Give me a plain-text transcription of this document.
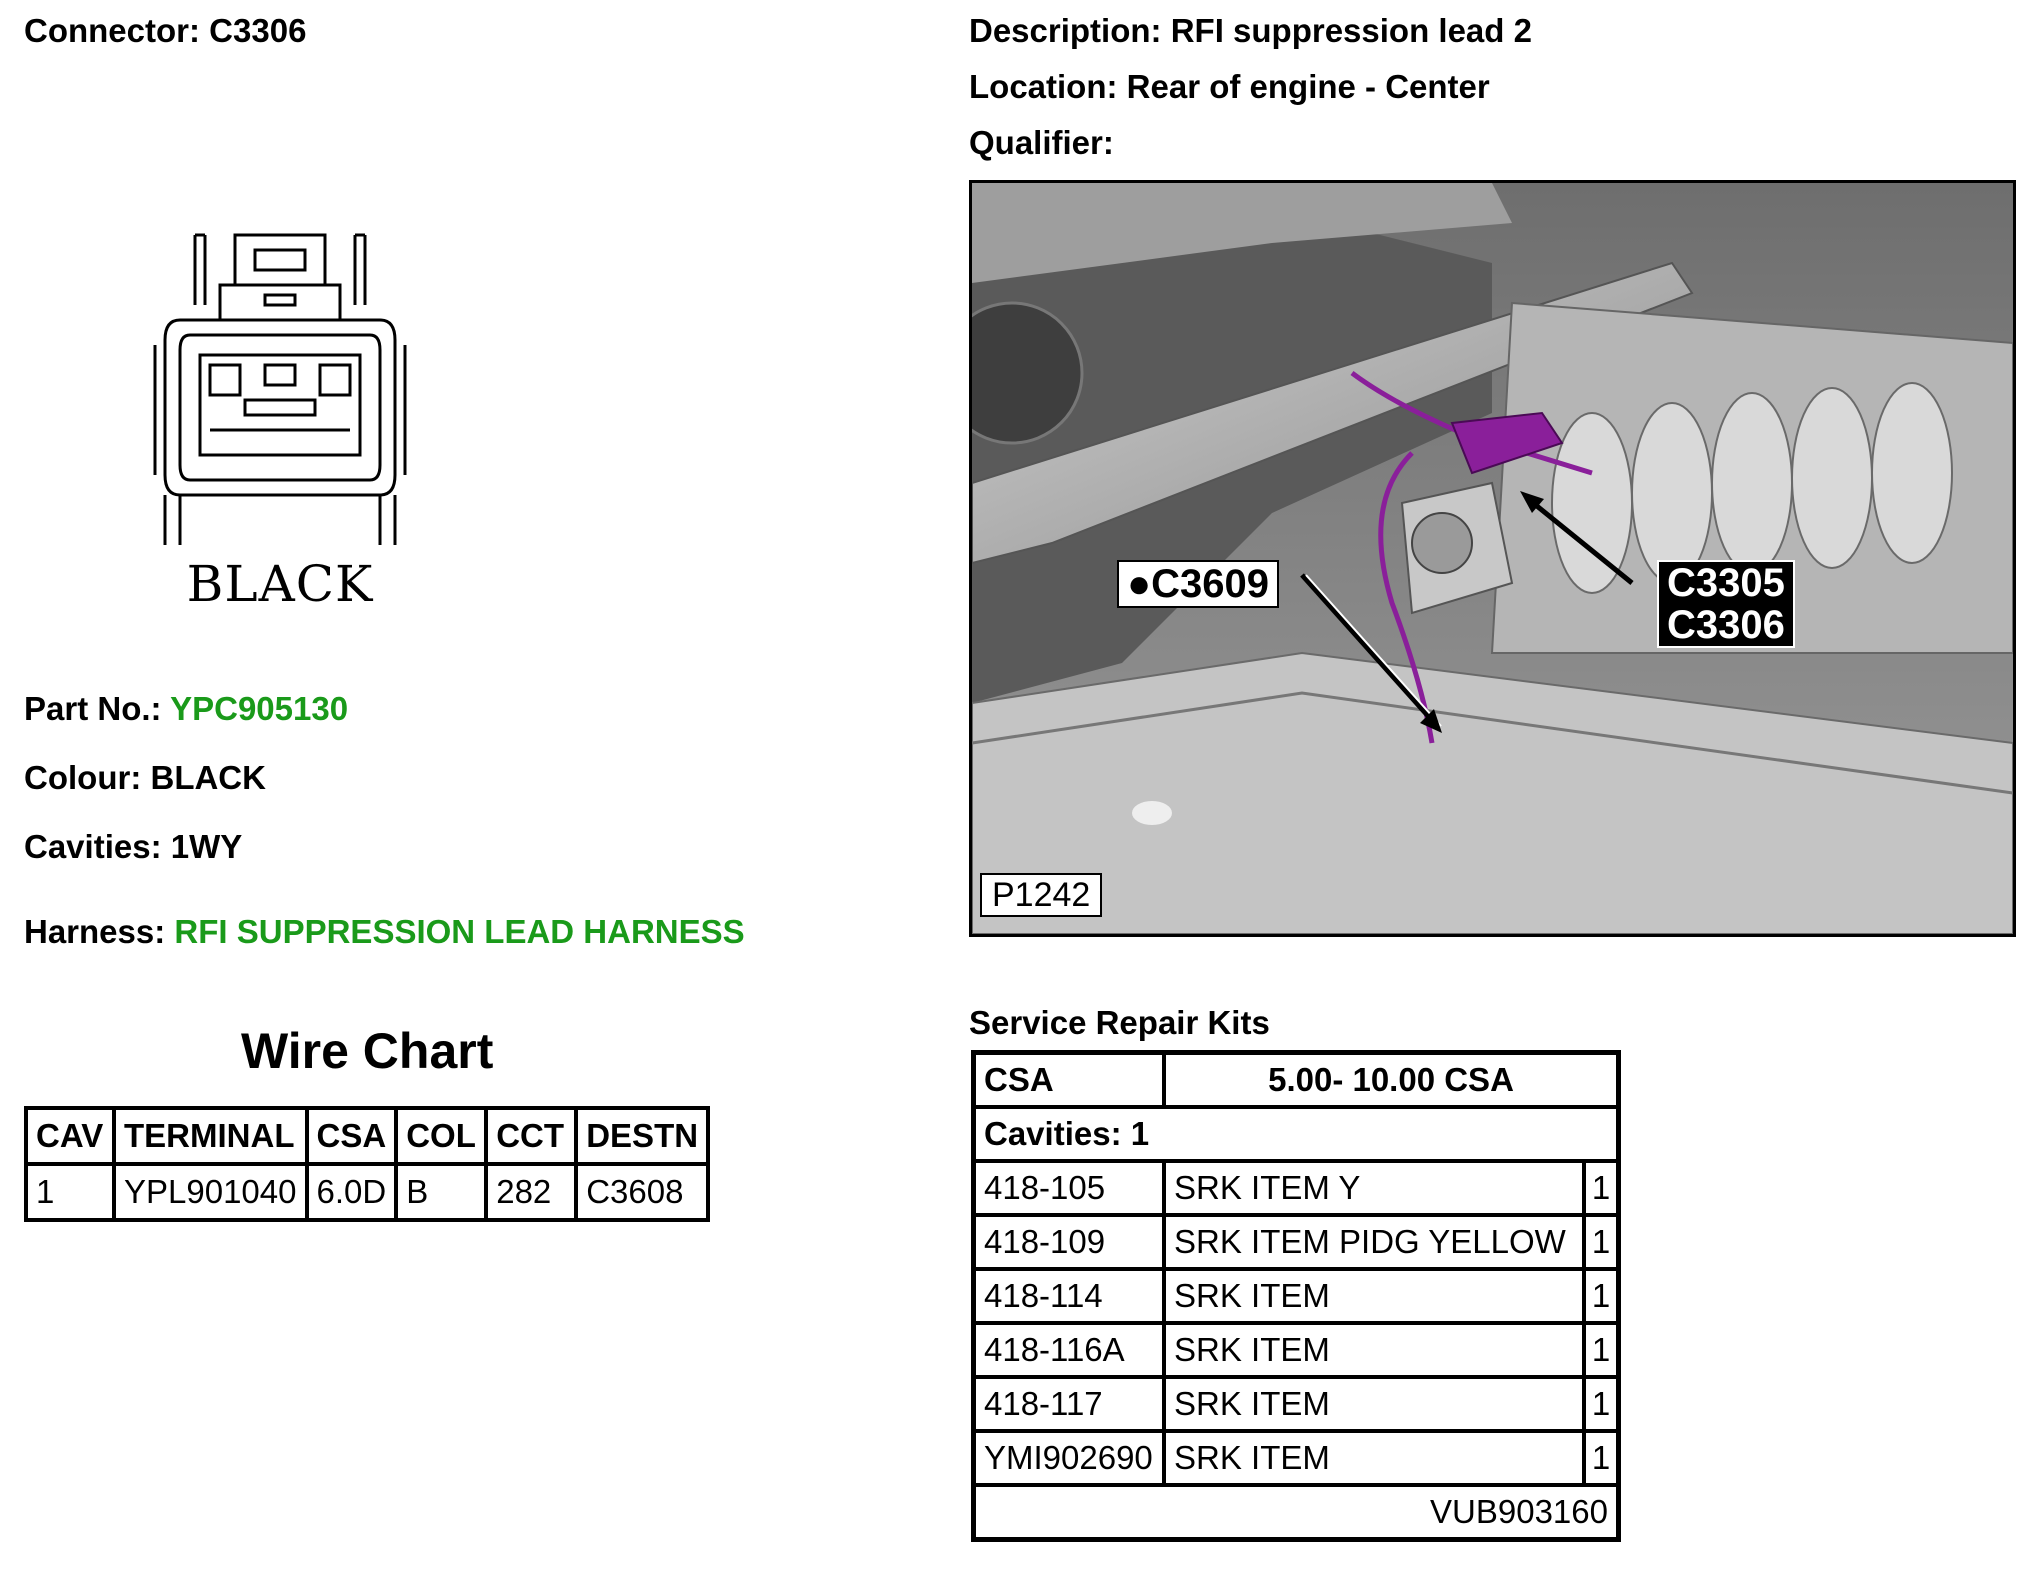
Connector: C3306
BLACK
Part No.: YPC905130
Colour: BLACK
Cavities: 1WY
Harness: RFI SUPPRESSION LEAD HARNESS
Wire Chart
CAV	TERMINAL	CSA	COL	CCT	DESTN
1	YPL901040	6.0D	B	282	C3608
Description: RFI suppression lead 2
Location: Rear of engine - Center
Qualifier:
●C3609	C3305
C3306
P1242
Service Repair Kits
CSA	5.00- 10.00 CSA	
Cavities: 1		
418-105	SRK ITEM Y	1
418-109	SRK ITEM PIDG YELLOW	1
418-114	SRK ITEM	1
418-116A	SRK ITEM	1
418-117	SRK ITEM	1
YMI902690	SRK ITEM	1
VUB903160		
